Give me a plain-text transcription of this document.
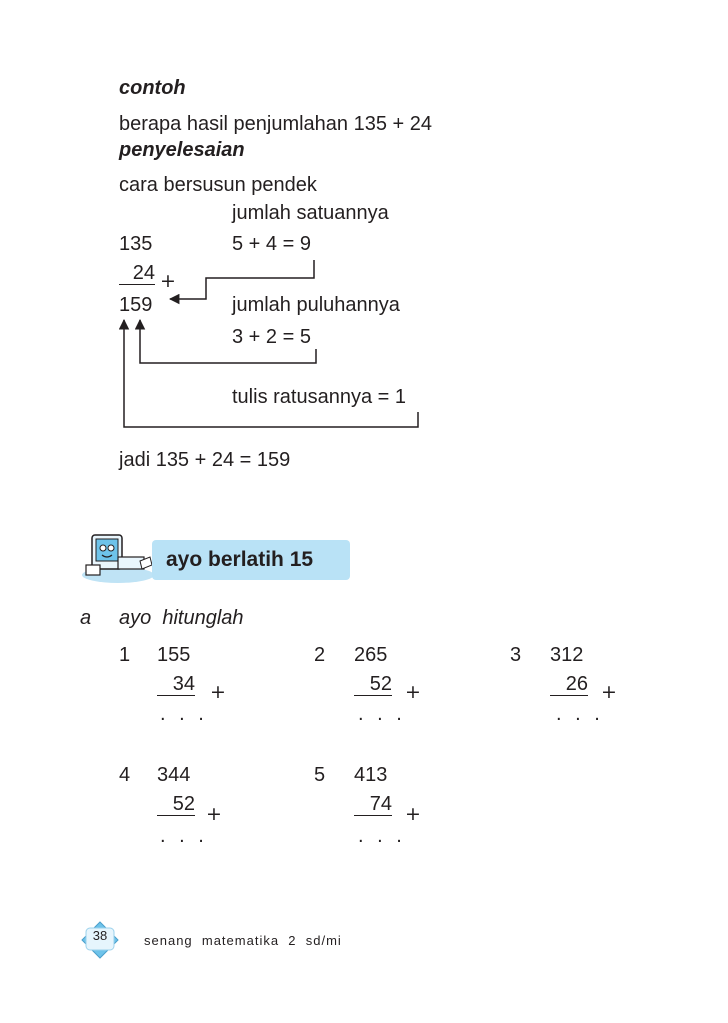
contoh
berapa hasil penjumlahan 135 + 24
penyelesaian
cara bersusun pendek
jumlah satuannya
135	5 + 4 = 9
24 +
159	jumlah puluhannya
3 + 2 = 5
tulis ratusannya = 1
jadi 135 + 24 = 159
ayo berlatih 15
a ayo  hitunglah
1 155
34 +
. . .
2 265
52 +
. . .
3 312
26 +
. . .
4 344
52 +
. . .
5 413
74 +
. . .
38	senang  matematika  2  sd/mi
